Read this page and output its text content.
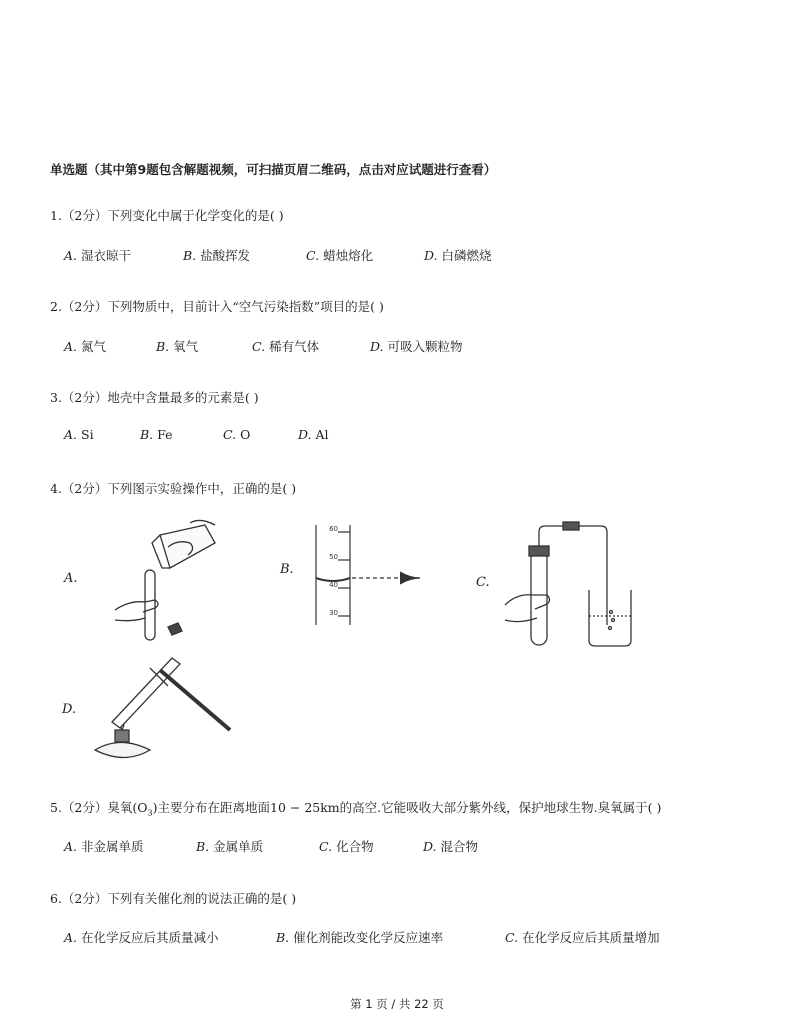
单选题（其中第9题包含解题视频，可扫描页眉二维码，点击对应试题进行查看）
1.（2分）下列变化中属于化学变化的是( )
A. 湿衣晾干	B. 盐酸挥发	C. 蜡烛熔化	D. 白磷燃烧
2.（2分）下列物质中，目前计入“空气污染指数”项目的是( )
A. 氮气	B. 氧气	C. 稀有气体	D. 可吸入颗粒物
3.（2分）地壳中含量最多的元素是( )
A. Si	B. Fe	C. O	D. Al
4.（2分）下列图示实验操作中，正确的是( )
A.
B.
60
50
40
30
C.
D.
5.（2分）臭氧$(O_3)$主要分布在距离地面10 − 25km的高空.它能吸收大部分紫外线，保护地球生物.臭氧属于( )
A. 非金属单质	B. 金属单质	C. 化合物	D. 混合物
6.（2分）下列有关催化剂的说法正确的是( )
A. 在化学反应后其质量减小	B. 催化剂能改变化学反应速率	C. 在化学反应后其质量增加
第 1 页 / 共 22 页
